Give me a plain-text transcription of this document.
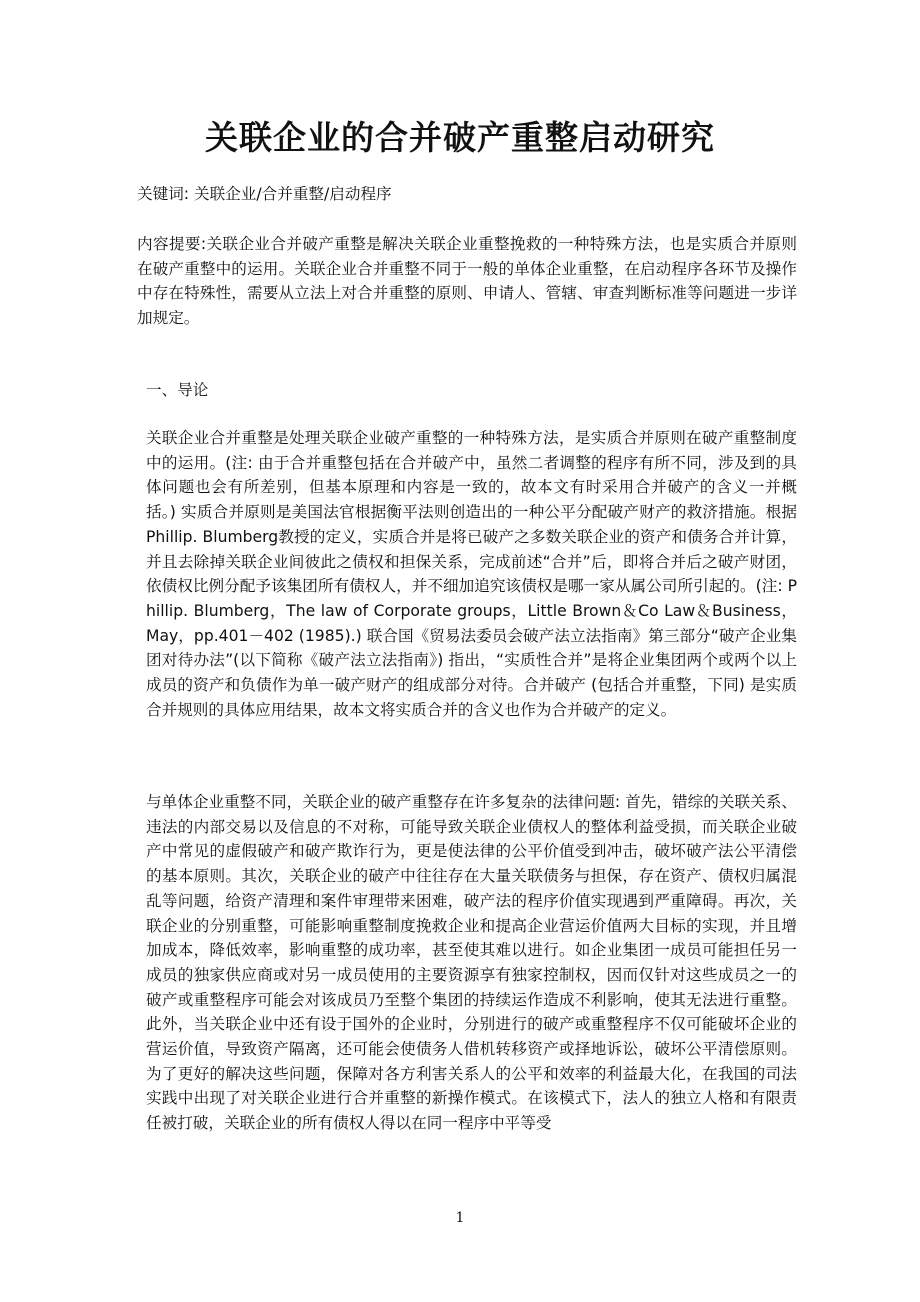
关联企业的合并破产重整启动研究
关键词: 关联企业/合并重整/启动程序

内容提要:关联企业合并破产重整是解决关联企业重整挽救的一种特殊方法，也是实质合并原则在破产重整中的运用。关联企业合并重整不同于一般的单体企业重整，在启动程序各环节及操作中存在特殊性，需要从立法上对合并重整的原则、申请人、管辖、审查判断标准等问题进一步详加规定。

一、导论

关联企业合并重整是处理关联企业破产重整的一种特殊方法，是实质合并原则在破产重整制度中的运用。(注: 由于合并重整包括在合并破产中，虽然二者调整的程序有所不同，涉及到的具体问题也会有所差别，但基本原理和内容是一致的，故本文有时采用合并破产的含义一并概括。) 实质合并原则是美国法官根据衡平法则创造出的一种公平分配破产财产的救济措施。根据Phillip. Blumberg教授的定义，实质合并是将已破产之多数关联企业的资产和债务合并计算，并且去除掉关联企业间彼此之债权和担保关系，完成前述“合并”后，即将合并后之破产财团，依债权比例分配予该集团所有债权人，并不细加追究该债权是哪一家从属公司所引起的。(注: Phillip. Blumberg，The law of Corporate groups，Little Brown＆Co Law＆Business，May，pp.401－402 (1985).) 联合国《贸易法委员会破产法立法指南》第三部分“破产企业集团对待办法”(以下简称《破产法立法指南》) 指出，“实质性合并”是将企业集团两个或两个以上成员的资产和负债作为单一破产财产的组成部分对待。合并破产 (包括合并重整，下同) 是实质合并规则的具体应用结果，故本文将实质合并的含义也作为合并破产的定义。

与单体企业重整不同，关联企业的破产重整存在许多复杂的法律问题: 首先，错综的关联关系、违法的内部交易以及信息的不对称，可能导致关联企业债权人的整体利益受损，而关联企业破产中常见的虚假破产和破产欺诈行为，更是使法律的公平价值受到冲击，破坏破产法公平清偿的基本原则。其次，关联企业的破产中往往存在大量关联债务与担保，存在资产、债权归属混乱等问题，给资产清理和案件审理带来困难，破产法的程序价值实现遇到严重障碍。再次，关联企业的分别重整，可能影响重整制度挽救企业和提高企业营运价值两大目标的实现，并且增加成本，降低效率，影响重整的成功率，甚至使其难以进行。如企业集团一成员可能担任另一成员的独家供应商或对另一成员使用的主要资源享有独家控制权，因而仅针对这些成员之一的破产或重整程序可能会对该成员乃至整个集团的持续运作造成不利影响，使其无法进行重整。此外，当关联企业中还有设于国外的企业时，分别进行的破产或重整程序不仅可能破坏企业的营运价值，导致资产隔离，还可能会使债务人借机转移资产或择地诉讼，破坏公平清偿原则。为了更好的解决这些问题，保障对各方利害关系人的公平和效率的利益最大化，在我国的司法实践中出现了对关联企业进行合并重整的新操作模式。在该模式下，法人的独立人格和有限责任被打破，关联企业的所有债权人得以在同一程序中平等受

1
